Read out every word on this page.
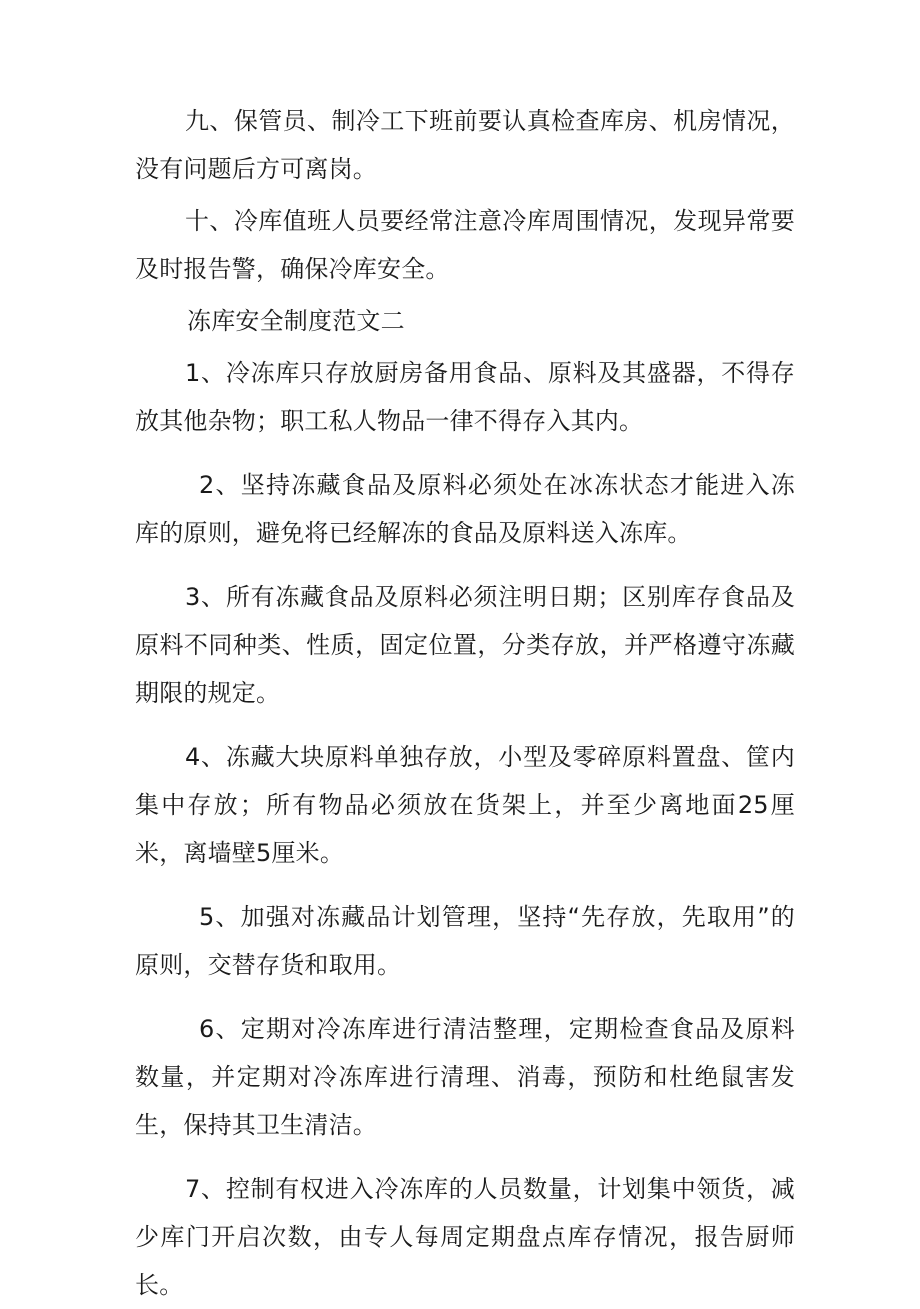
九、保管员、制冷工下班前要认真检查库房、机房情况，没有问题后方可离岗。

十、冷库值班人员要经常注意冷库周围情况，发现异常要及时报告警，确保冷库安全。

冻库安全制度范文二

1、冷冻库只存放厨房备用食品、原料及其盛器，不得存放其他杂物；职工私人物品一律不得存入其内。

2、坚持冻藏食品及原料必须处在冰冻状态才能进入冻库的原则，避免将已经解冻的食品及原料送入冻库。

3、所有冻藏食品及原料必须注明日期；区别库存食品及原料不同种类、性质，固定位置，分类存放，并严格遵守冻藏期限的规定。

4、冻藏大块原料单独存放，小型及零碎原料置盘、筐内集中存放；所有物品必须放在货架上，并至少离地面25厘米，离墙壁5厘米。

5、加强对冻藏品计划管理，坚持“先存放，先取用”的原则，交替存货和取用。

6、定期对冷冻库进行清洁整理，定期检查食品及原料数量，并定期对冷冻库进行清理、消毒，预防和杜绝鼠害发生，保持其卫生清洁。

7、控制有权进入冷冻库的人员数量，计划集中领货，减少库门开启次数，由专人每周定期盘点库存情况，报告厨师长。
